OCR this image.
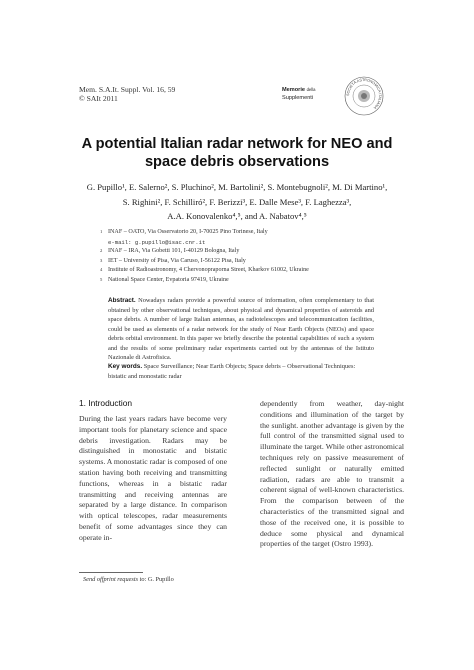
Mem. S.A.It. Suppl. Vol. 16, 59
© SAIt 2011
Memorie della
Supplementi
SOCIETÀ ASTRONOMICA ITALIANA
A potential Italian radar network for NEO and
space debris observations
G. Pupillo¹, E. Salerno², S. Pluchino², M. Bartolini², S. Montebugnoli², M. Di Martino¹,
S. Righini², F. Schilliró², F. Berizzi³, E. Dalle Mese³, F. Laghezza³,
A.A. Konovalenko⁴,⁵, and A. Nabatov⁴,⁵
1 INAF – OATO, Via Osservatorio 20, I-70025 Pino Torinese, Italy
e-mail: g.pupillo@isac.cnr.it
2 INAF – IRA, Via Gobetti 101, I-40129 Bologna, Italy
3 IET – University of Pisa, Via Caruso, I-56122 Pisa, Italy
4 Institute of Radioastronomy, 4 Chervonopraporna Street, Kharkov 61002, Ukraine
5 National Space Center, Evpatoria 97419, Ukraine
Abstract. Nowadays radars provide a powerful source of information, often complementary to that obtained by other observational techniques, about physical and dynamical properties of asteroids and space debris. A number of large Italian antennas, as radiotelescopes and telecommunication facilities, could be used as elements of a radar network for the study of Near Earth Objects (NEOs) and space debris orbital environment. In this paper we briefly describe the potential capabilities of such a system and the results of some preliminary radar experiments carried out by the antennas of the Istituto Nazionale di Astrofisica.
Key words. Space Surveillance; Near Earth Objects; Space debris – Observational Techniques: bistatic and monostatic radar
1. Introduction
During the last years radars have become very important tools for planetary science and space debris investigation. Radars may be distinguished in monostatic and bistatic systems. A monostatic radar is composed of one station having both receiving and transmitting functions, whereas in a bistatic radar transmitting and receiving antennas are separated by a large distance. In comparison with optical telescopes, radar measurements benefit of some advantages since they can operate in-
dependently from weather, day-night conditions and illumination of the target by the sunlight. another advantage is given by the full control of the transmitted signal used to illuminate the target. While other astronomical techniques rely on passive measurement of reflected sunlight or naturally emitted radiation, radars are able to transmit a coherent signal of well-known characteristics. From the comparison between of the characteristics of the transmitted signal and those of the received one, it is possible to deduce some physical and dynamical properties of the target (Ostro 1993).
Send offprint requests to: G. Pupillo
